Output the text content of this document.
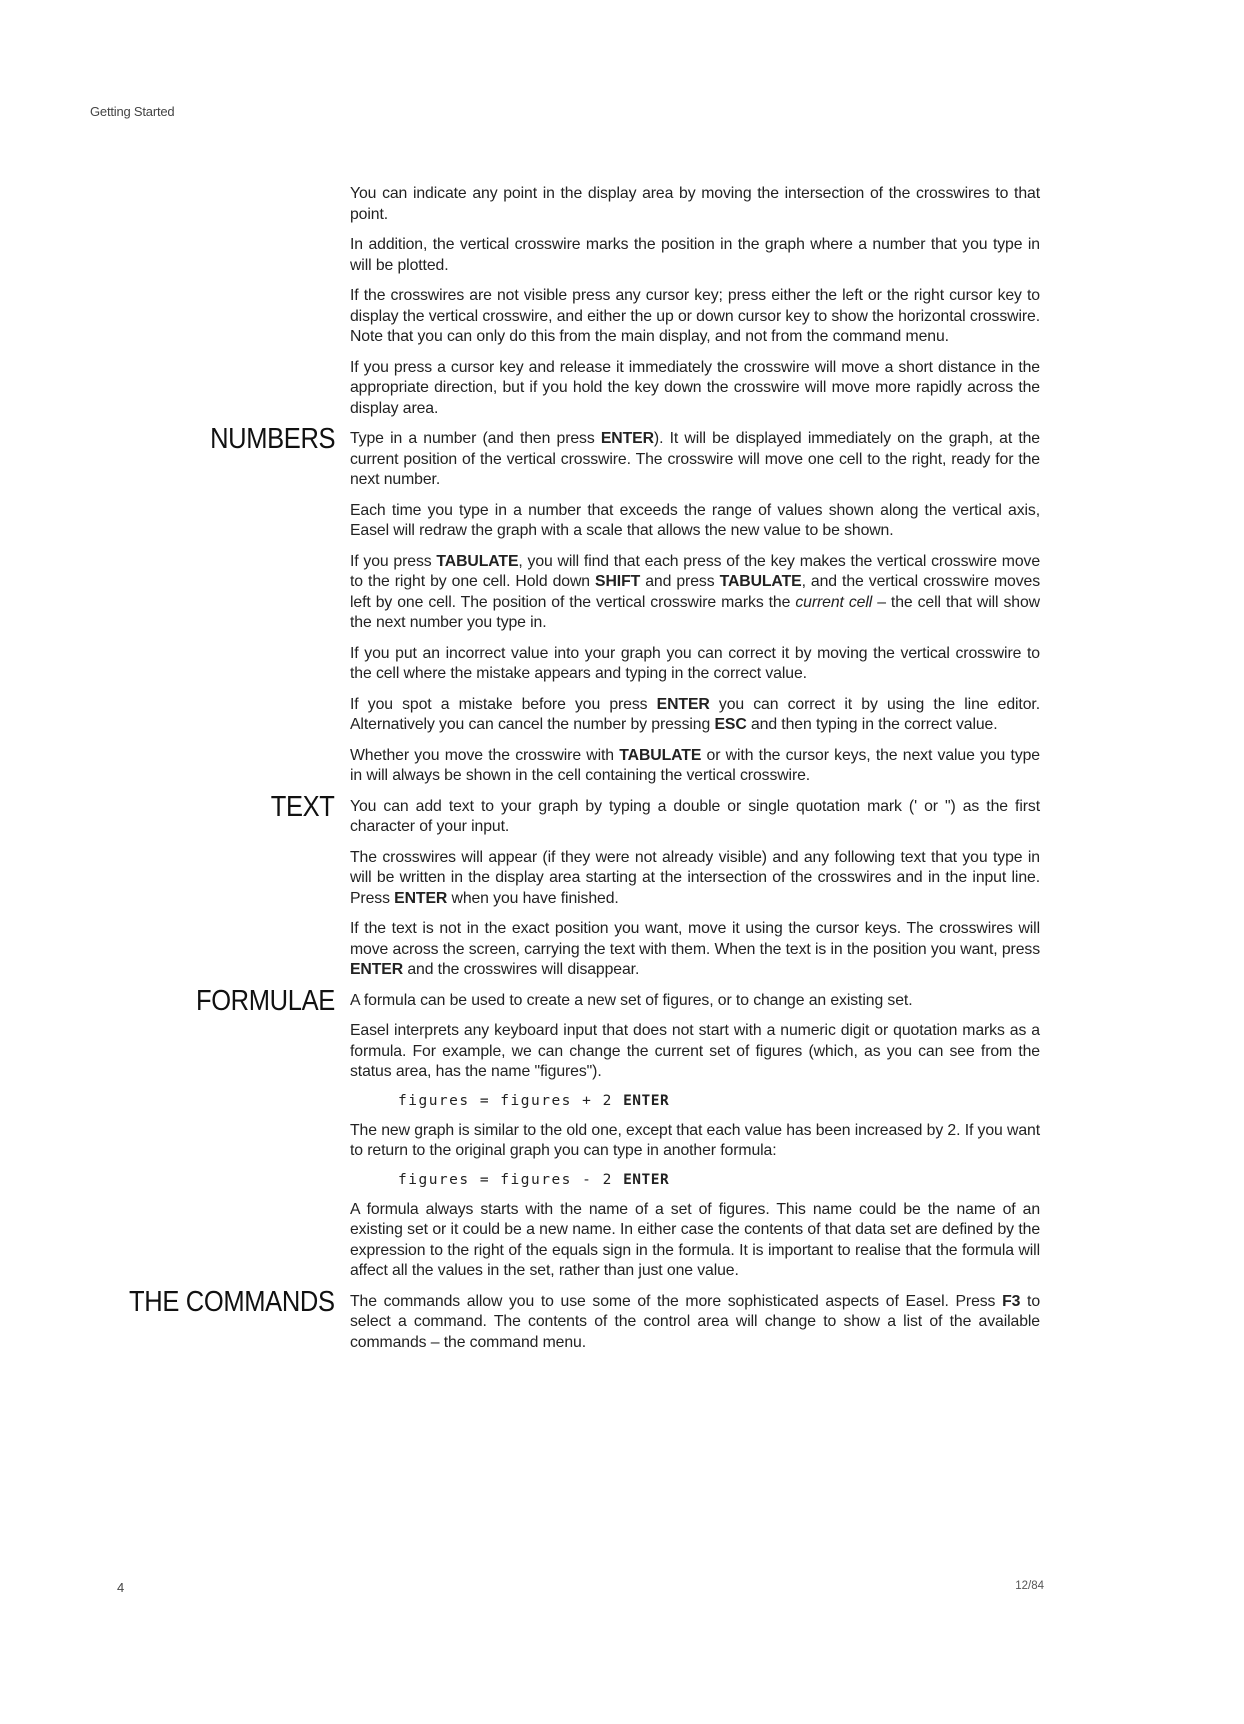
Getting Started

You can indicate any point in the display area by moving the intersection of the crosswires to that point.

In addition, the vertical crosswire marks the position in the graph where a number that you type in will be plotted.

If the crosswires are not visible press any cursor key; press either the left or the right cursor key to display the vertical crosswire, and either the up or down cursor key to show the horizontal crosswire. Note that you can only do this from the main display, and not from the command menu.

If you press a cursor key and release it immediately the crosswire will move a short distance in the appropriate direction, but if you hold the key down the crosswire will move more rapidly across the display area.

NUMBERS Type in a number (and then press ENTER). It will be displayed immediately on the graph, at the current position of the vertical crosswire. The crosswire will move one cell to the right, ready for the next number.

Each time you type in a number that exceeds the range of values shown along the vertical axis, Easel will redraw the graph with a scale that allows the new value to be shown.

If you press TABULATE, you will find that each press of the key makes the vertical crosswire move to the right by one cell. Hold down SHIFT and press TABULATE, and the vertical crosswire moves left by one cell. The position of the vertical crosswire marks the current cell – the cell that will show the next number you type in.

If you put an incorrect value into your graph you can correct it by moving the vertical crosswire to the cell where the mistake appears and typing in the correct value.

If you spot a mistake before you press ENTER you can correct it by using the line editor. Alternatively you can cancel the number by pressing ESC and then typing in the correct value.

Whether you move the crosswire with TABULATE or with the cursor keys, the next value you type in will always be shown in the cell containing the vertical crosswire.

TEXT You can add text to your graph by typing a double or single quotation mark (' or ") as the first character of your input.

The crosswires will appear (if they were not already visible) and any following text that you type in will be written in the display area starting at the intersection of the crosswires and in the input line. Press ENTER when you have finished.

If the text is not in the exact position you want, move it using the cursor keys. The crosswires will move across the screen, carrying the text with them. When the text is in the position you want, press ENTER and the crosswires will disappear.

FORMULAE A formula can be used to create a new set of figures, or to change an existing set.

Easel interprets any keyboard input that does not start with a numeric digit or quotation marks as a formula. For example, we can change the current set of figures (which, as you can see from the status area, has the name "figures").

figures = figures + 2 ENTER

The new graph is similar to the old one, except that each value has been increased by 2. If you want to return to the original graph you can type in another formula:

figures = figures - 2 ENTER

A formula always starts with the name of a set of figures. This name could be the name of an existing set or it could be a new name. In either case the contents of that data set are defined by the expression to the right of the equals sign in the formula. It is important to realise that the formula will affect all the values in the set, rather than just one value.

THE COMMANDS The commands allow you to use some of the more sophisticated aspects of Easel. Press F3 to select a command. The contents of the control area will change to show a list of the available commands – the command menu.

4	12/84
